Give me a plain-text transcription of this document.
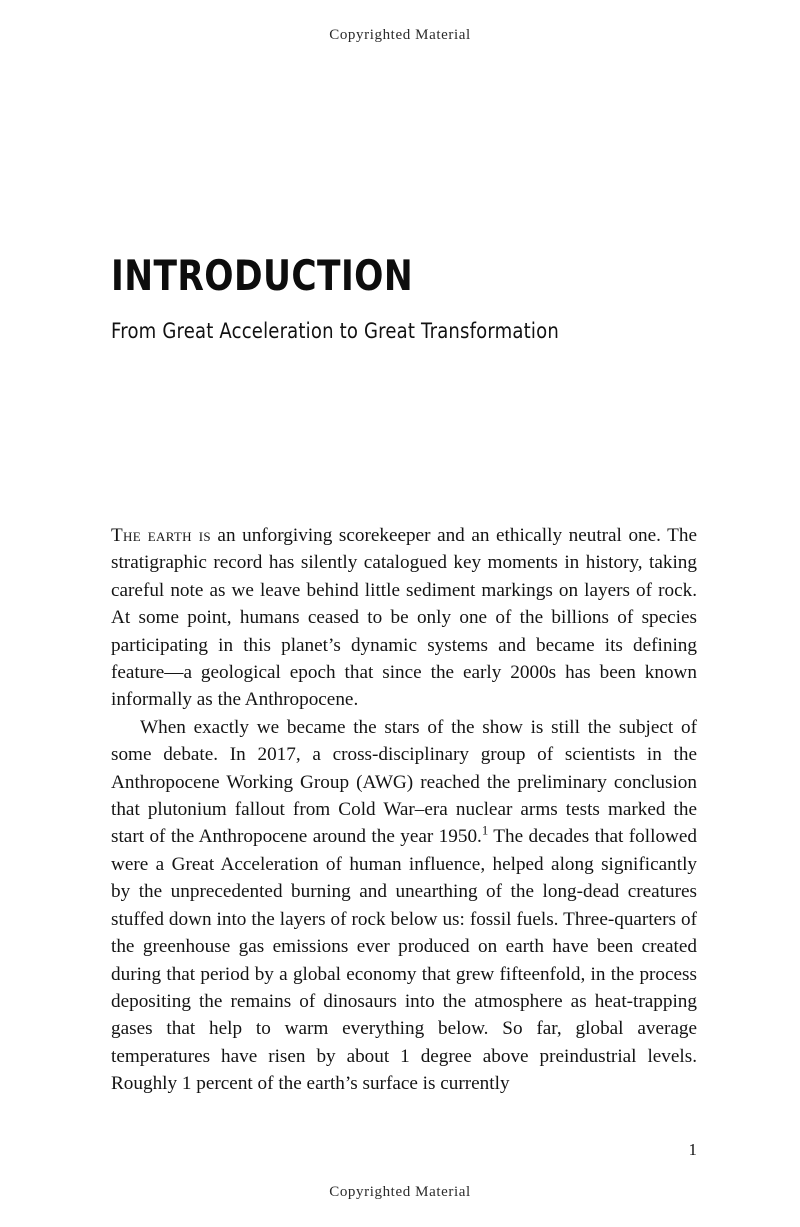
Copyrighted Material
INTRODUCTION
From Great Acceleration to Great Transformation

The earth is an unforgiving scorekeeper and an ethically neutral one. The stratigraphic record has silently catalogued key moments in history, taking careful note as we leave behind little sediment markings on layers of rock. At some point, humans ceased to be only one of the billions of species participating in this planet’s dynamic systems and became its defining feature—a geological epoch that since the early 2000s has been known informally as the Anthropocene.

When exactly we became the stars of the show is still the subject of some debate. In 2017, a cross-disciplinary group of scientists in the Anthropocene Working Group (AWG) reached the preliminary conclusion that plutonium fallout from Cold War–era nuclear arms tests marked the start of the Anthropocene around the year 1950.$^1$ The decades that followed were a Great Acceleration of human influence, helped along significantly by the unprecedented burning and unearthing of the long-dead creatures stuffed down into the layers of rock below us: fossil fuels. Three-quarters of the greenhouse gas emissions ever produced on earth have been created during that period by a global economy that grew fifteenfold, in the process depositing the remains of dinosaurs into the atmosphere as heat-trapping gases that help to warm everything below. So far, global average temperatures have risen by about 1 degree above preindustrial levels. Roughly 1 percent of the earth’s surface is currently

1
Copyrighted Material
